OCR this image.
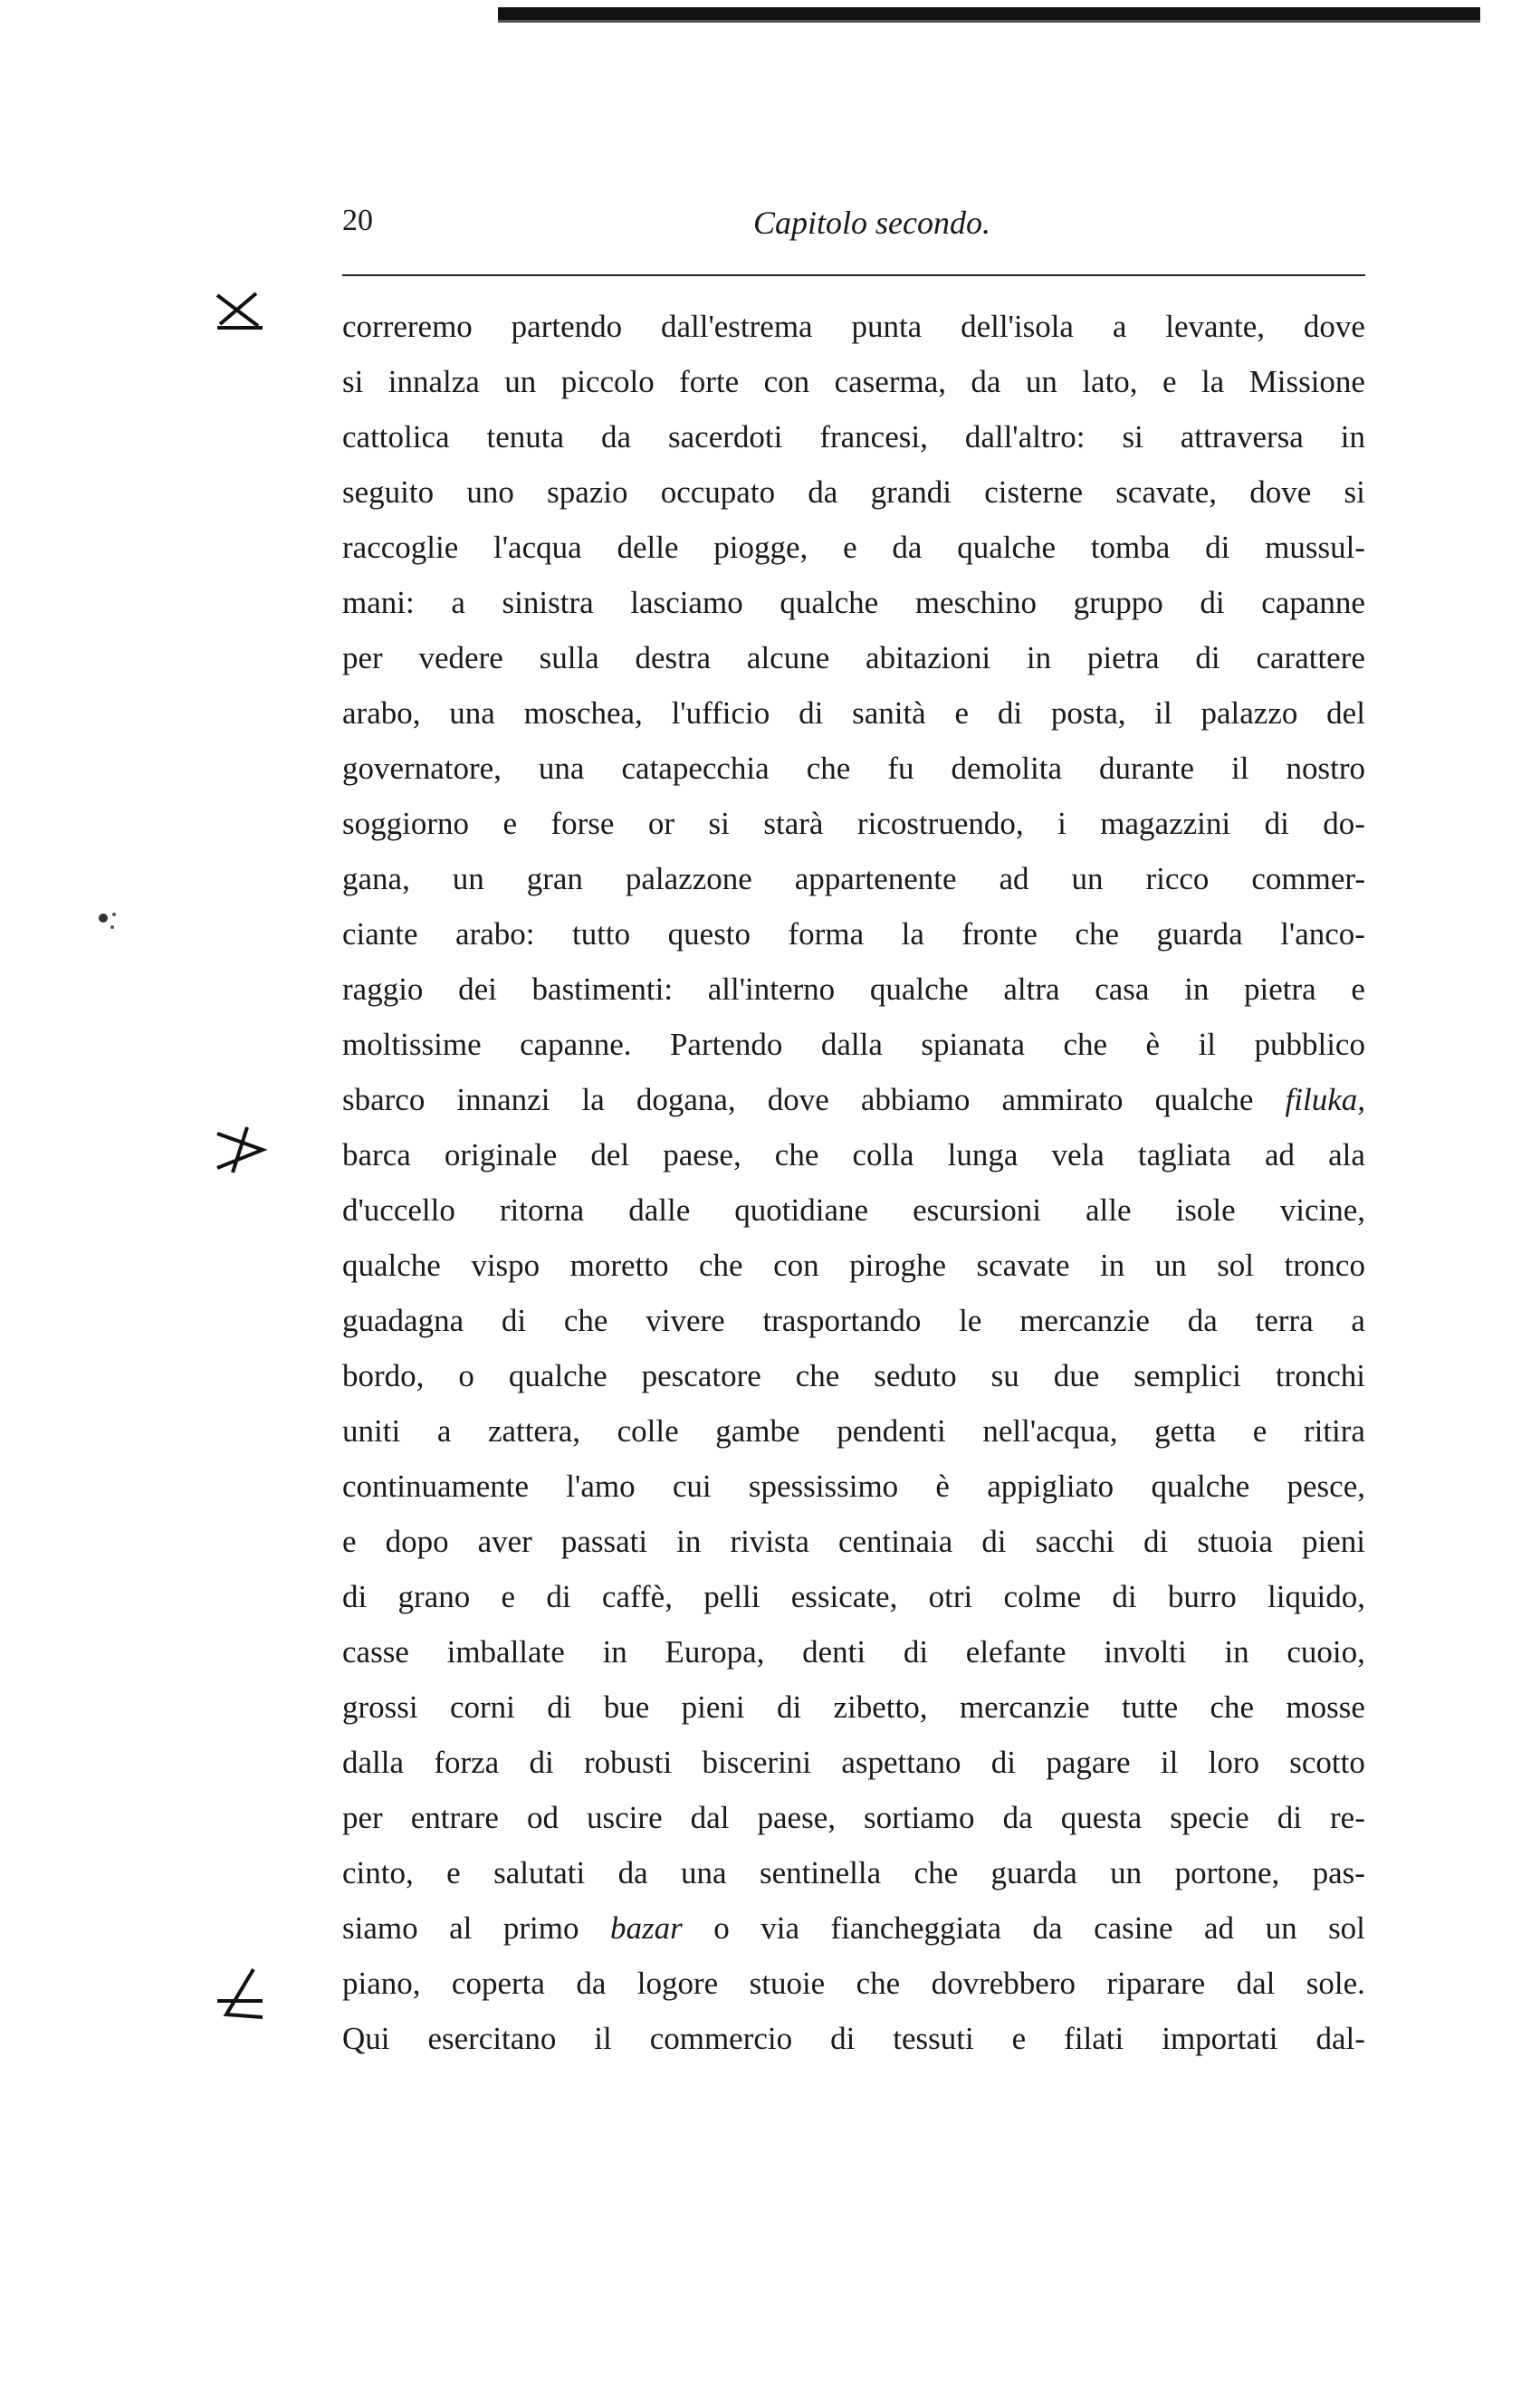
20	Capitolo secondo.
correremo partendo dall'estrema punta dell'isola a levante, dove
si innalza un piccolo forte con caserma, da un lato, e la Missione
cattolica tenuta da sacerdoti francesi, dall'altro: si attraversa in
seguito uno spazio occupato da grandi cisterne scavate, dove si
raccoglie l'acqua delle piogge, e da qualche tomba di mussul-
mani: a sinistra lasciamo qualche meschino gruppo di capanne
per vedere sulla destra alcune abitazioni in pietra di carattere
arabo, una moschea, l'ufficio di sanità e di posta, il palazzo del
governatore, una catapecchia che fu demolita durante il nostro
soggiorno e forse or si starà ricostruendo, i magazzini di do-
gana, un gran palazzone appartenente ad un ricco commer-
ciante arabo: tutto questo forma la fronte che guarda l'anco-
raggio dei bastimenti: all'interno qualche altra casa in pietra e
moltissime capanne. Partendo dalla spianata che è il pubblico
sbarco innanzi la dogana, dove abbiamo ammirato qualche filuka,
barca originale del paese, che colla lunga vela tagliata ad ala
d'uccello ritorna dalle quotidiane escursioni alle isole vicine,
qualche vispo moretto che con piroghe scavate in un sol tronco
guadagna di che vivere trasportando le mercanzie da terra a
bordo, o qualche pescatore che seduto su due semplici tronchi
uniti a zattera, colle gambe pendenti nell'acqua, getta e ritira
continuamente l'amo cui spessissimo è appigliato qualche pesce,
e dopo aver passati in rivista centinaia di sacchi di stuoia pieni
di grano e di caffè, pelli essicate, otri colme di burro liquido,
casse imballate in Europa, denti di elefante involti in cuoio,
grossi corni di bue pieni di zibetto, mercanzie tutte che mosse
dalla forza di robusti biscerini aspettano di pagare il loro scotto
per entrare od uscire dal paese, sortiamo da questa specie di re-
cinto, e salutati da una sentinella che guarda un portone, pas-
siamo al primo bazar o via fiancheggiata da casine ad un sol
piano, coperta da logore stuoie che dovrebbero riparare dal sole.
Qui esercitano il commercio di tessuti e filati importati dal-
